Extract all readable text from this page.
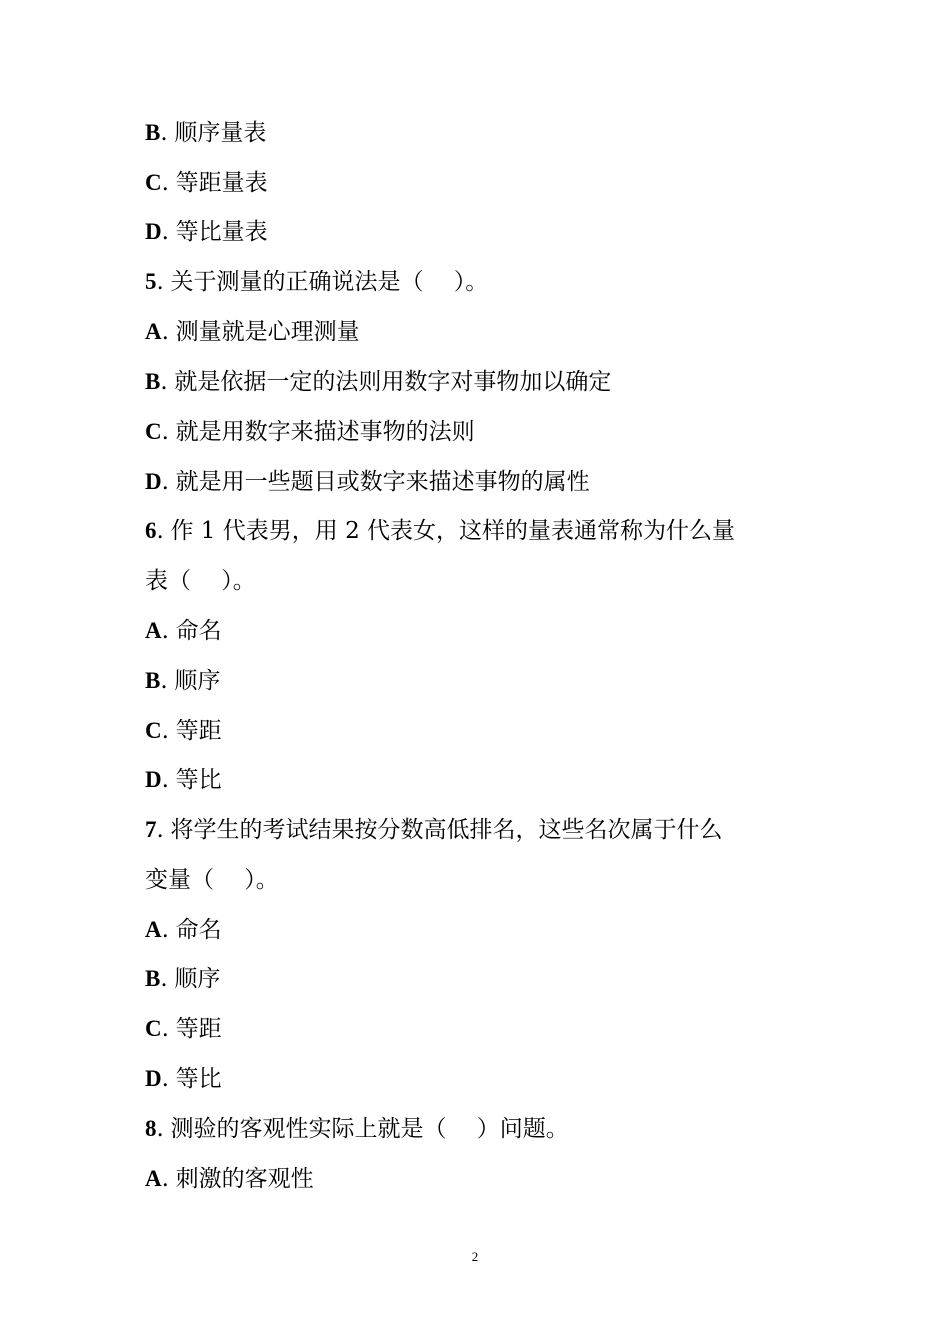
B. 顺序量表
C. 等距量表
D. 等比量表
5. 关于测量的正确说法是（　 ）。
A. 测量就是心理测量
B. 就是依据一定的法则用数字对事物加以确定
C. 就是用数字来描述事物的法则
D. 就是用一些题目或数字来描述事物的属性
6. 作 1 代表男，用 2 代表女，这样的量表通常称为什么量
表（　 ）。
A. 命名
B. 顺序
C. 等距
D. 等比
7. 将学生的考试结果按分数高低排名，这些名次属于什么
变量（　 ）。
A. 命名
B. 顺序
C. 等距
D. 等比
8. 测验的客观性实际上就是（　 ）问题。
A. 刺激的客观性
2
